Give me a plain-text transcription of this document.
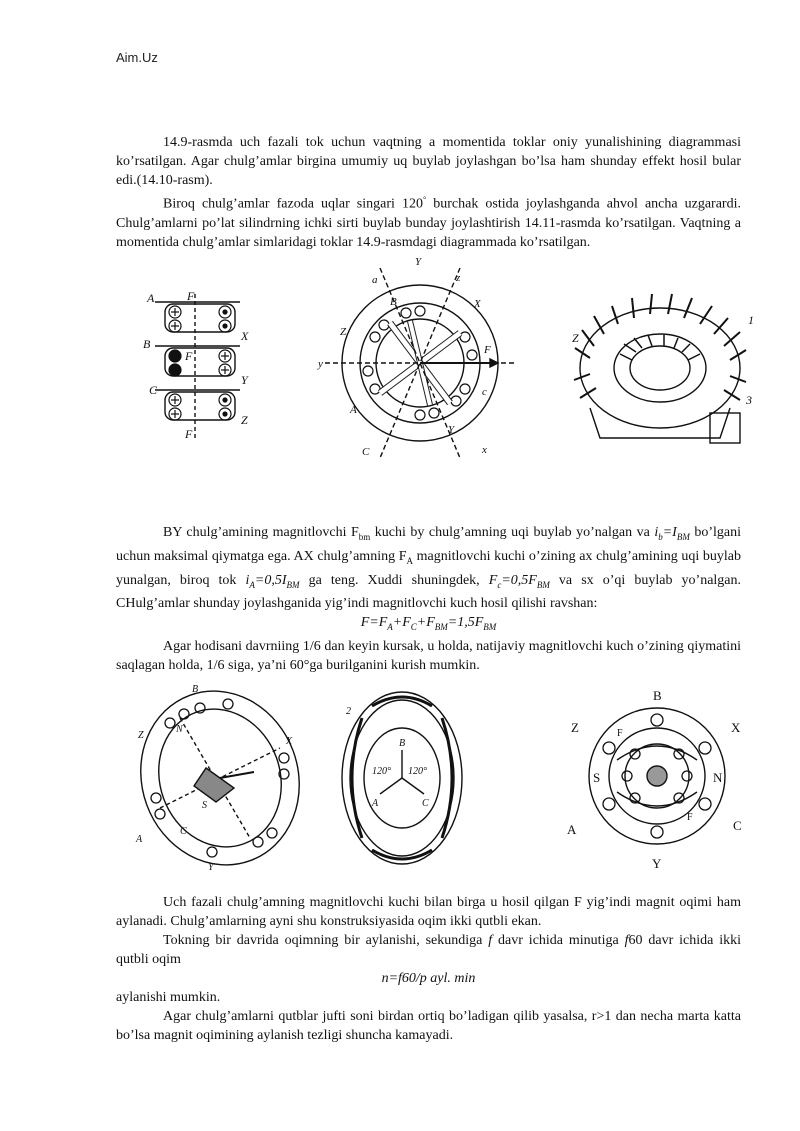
Aim.Uz

14.9-rasmda uch fazali tok uchun vaqtning a momentida toklar oniy yunalishining diagrammasi ko’rsatilgan. Agar chulg’amlar birgina umumiy uq buylab joylashgan bo’lsa ham shunday effekt hosil bular edi.(14.10-rasm).

Biroq chulg’amlar fazoda uqlar singari 120° burchak ostida joylashganda ahvol ancha uzgarardi. Chulg’amlarni po’lat silindrning ichki sirti buylab bunday joylashtirish 14.11-rasmda ko’rsatilgan. Vaqtning a momentida chulg’amlar simlaridagi toklar 14.9-rasmdagi diagrammada ko’rsatilgan.

A	F
X
B
F
Y
C
Z
F
a
Y
B
z
X
Z
y
A
C	x
Y
c
F
Z
1
3

BY chulg’amining magnitlovchi $F_{bm}$ kuchi by chulg’amning uqi buylab yo’nalgan va $i_b=I_{BM}$ bo’lgani uchun maksimal qiymatga ega. AX chulg’amning $F_A$ magnitlovchi kuchi o’zining ax chulg’amining uqi buylab yunalgan, biroq tok $i_A=0,5I_{BM}$ ga teng. Xuddi shuningdek, $F_c=0,5F_{BM}$ va sx o’qi buylab yo’nalgan. CHulg’amlar shunday joylashganida yig’indi magnitlovchi kuch hosil qilishi ravshan:

$F=F_A+F_C+F_{BM}=1,5F_{BM}$

Agar hodisani davrniing 1/6 dan keyin kursak, u holda, natijaviy magnitlovchi kuch o’zining qiymatini saqlagan holda, 1/6 siga, ya’ni 60°ga burilganini kurish mumkin.

B
Z
N
A
S
C
Y
X
2
B
120° 120°
A	C
B
Z	X
F
S	N
A	C
F
Y

Uch fazali chulg’amning magnitlovchi kuchi bilan birga u hosil qilgan F yig’indi magnit oqimi ham aylanadi. Chulg’amlarning ayni shu konstruksiyasida oqim ikki qutbli ekan.

Tokning bir davrida oqimning bir aylanishi, sekundiga f davr ichida minutiga f60 davr ichida ikki qutbli oqim

n=f60/p ayl. min

aylanishi mumkin.

Agar chulg’amlarni qutblar jufti soni birdan ortiq bo’ladigan qilib yasalsa, r>1 dan necha marta katta bo’lsa magnit oqimining aylanish tezligi shuncha kamayadi.
